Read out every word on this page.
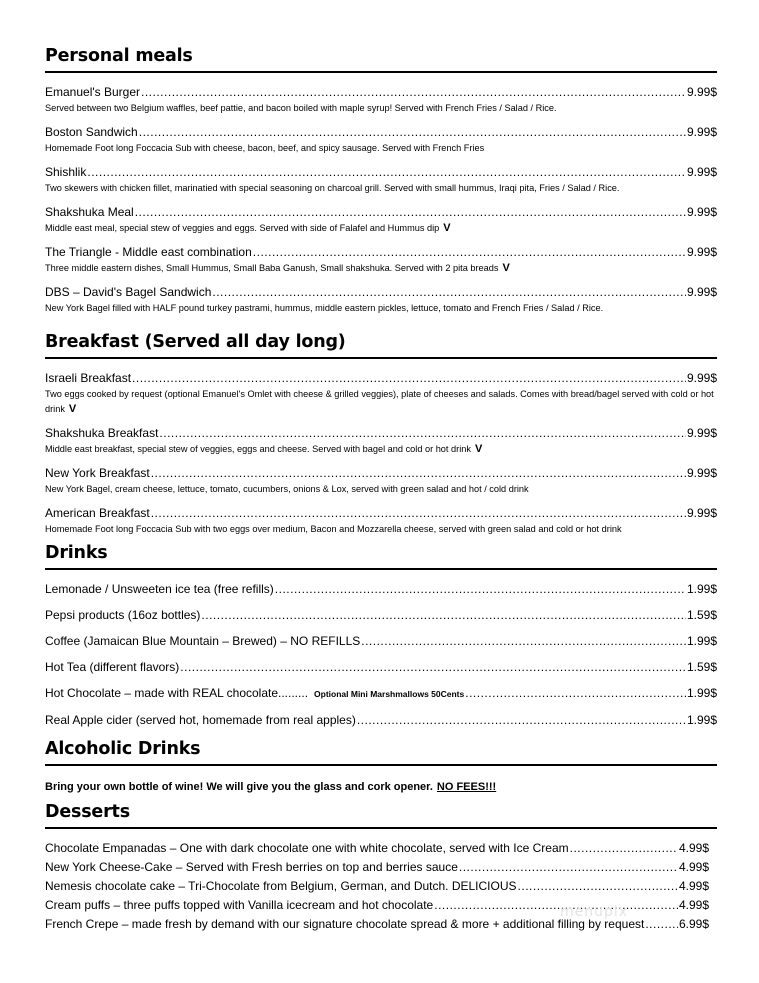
Personal meals
Emanuel's Burger .....	9.99$
Served between two Belgium waffles, beef pattie, and bacon boiled with maple syrup! Served with French Fries / Salad / Rice.
Boston Sandwich .....	9.99$
Homemade Foot long Foccacia Sub with cheese, bacon, beef, and spicy sausage. Served with French Fries
Shishlik .....	9.99$
Two skewers with chicken fillet, marinatied with special seasoning on charcoal grill. Served with small hummus, Iraqi pita, Fries / Salad / Rice.
Shakshuka Meal .....	9.99$
Middle east meal, special stew of veggies and eggs. Served with side of Falafel and Hummus dip V
The Triangle - Middle east combination .....	9.99$
Three middle eastern dishes, Small Hummus, Small Baba Ganush, Small shakshuka. Served with 2 pita breads V
DBS – David's Bagel Sandwich .....	9.99$
New York Bagel filled with HALF pound turkey pastrami, hummus, middle eastern pickles, lettuce, tomato and French Fries / Salad / Rice.
Breakfast (Served all day long)
Israeli Breakfast .....	9.99$
Two eggs cooked by request (optional Emanuel's Omlet with cheese & grilled veggies), plate of cheeses and salads. Comes with bread/bagel served with cold or hot drink V
Shakshuka Breakfast .....	9.99$
Middle east breakfast, special stew of veggies, eggs and cheese. Served with bagel and cold or hot drink V
New York Breakfast .....	9.99$
New York Bagel, cream cheese, lettuce, tomato, cucumbers, onions & Lox, served with green salad and hot / cold drink
American Breakfast .....	9.99$
Homemade Foot long Foccacia Sub with two eggs over medium, Bacon and Mozzarella cheese, served with green salad and cold or hot drink
Drinks
Lemonade / Unsweeten ice tea (free refills) .....	1.99$
Pepsi products (16oz bottles) .....	1.59$
Coffee (Jamaican Blue Mountain – Brewed) – NO REFILLS .....	1.99$
Hot Tea (different flavors) .....	1.59$
Hot Chocolate – made with REAL chocolate......... Optional Mini Marshmallows 50Cents .....	1.99$
Real Apple cider (served hot, homemade from real apples) .....	1.99$
Alcoholic Drinks
Bring your own bottle of wine! We will give you the glass and cork opener. NO FEES!!!
Desserts
Chocolate Empanadas – One with dark chocolate one with white chocolate, served with Ice Cream .....	4.99$
New York Cheese-Cake – Served with Fresh berries on top and berries sauce .....	4.99$
Nemesis chocolate cake – Tri-Chocolate from Belgium, German, and Dutch. DELICIOUS .....	4.99$
Cream puffs – three puffs topped with Vanilla icecream and hot chocolate .....	4.99$
French Crepe – made fresh by demand with our signature chocolate spread & more + additional filling by request .....	6.99$
menupix
